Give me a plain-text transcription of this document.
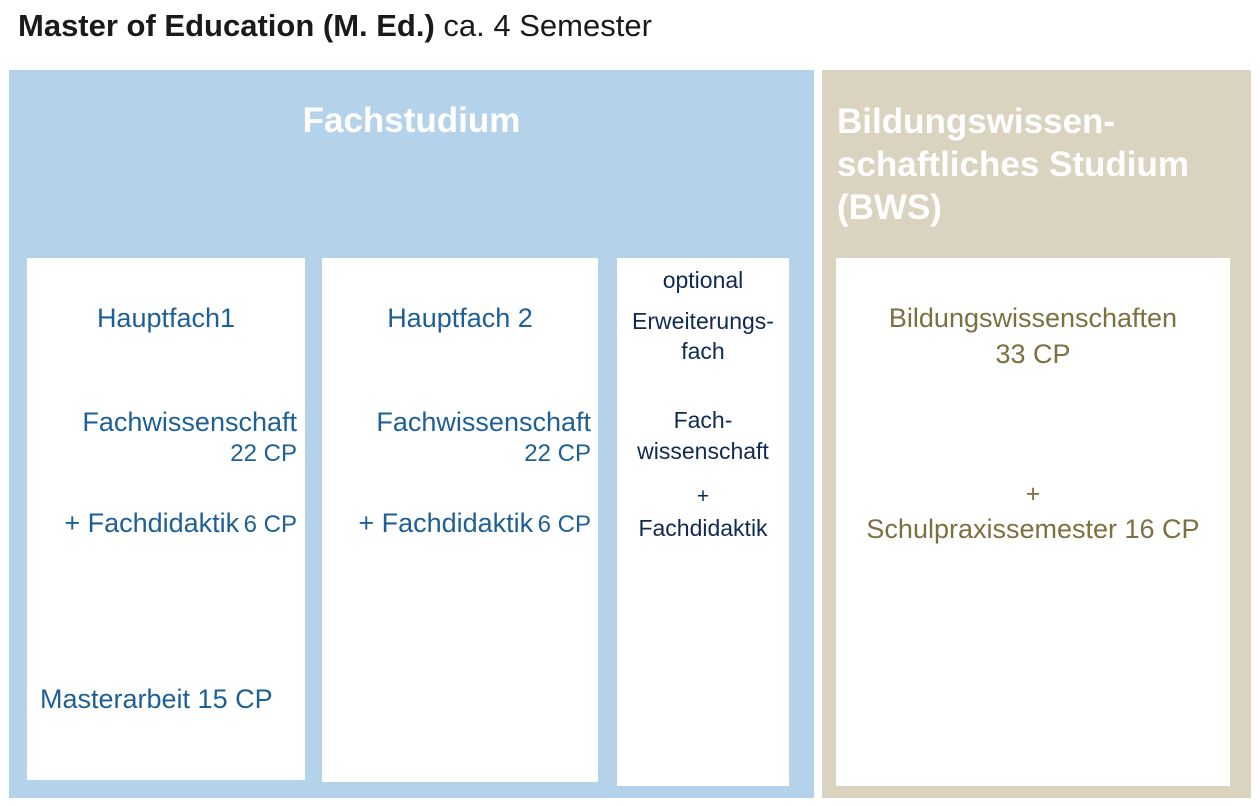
Master of Education (M. Ed.) ca. 4 Semester
Fachstudium	Bildungswissen-
schaftliches Studium
(BWS)
Hauptfach1
Fachwissenschaft
22 CP
+ Fachdidaktik 6 CP
Masterarbeit 15 CP
Hauptfach 2
Fachwissenschaft
22 CP
+ Fachdidaktik 6 CP
optional
Erweiterungs-
fach
Fach-
wissenschaft
+
Fachdidaktik
Bildungswissenschaften
33 CP
+
Schulpraxissemester 16 CP
